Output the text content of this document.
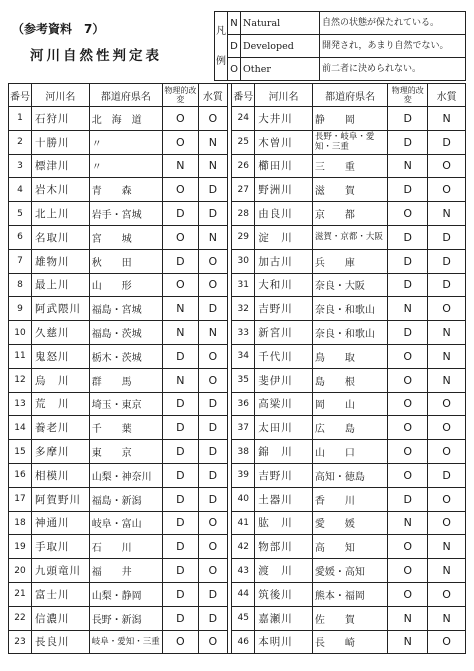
（参考資料　7）
河川自然性判定表
凡

例	N	Natural	自然の状態が保たれている。
	D	Developed	開発され，あまり自然でない。
	O	Other	前二者に決められない。
番号	河川名	都道府県名	物理的改変	水質		番号	河川名	都道府県名	物理的改変	水質
1	石狩川	北　海　道	O	O		24	大井川	静　　岡	D	N
2	十勝川	〃	O	N		25	木曽川	長野・岐阜・愛知・三重	D	D
3	標津川	〃	N	N		26	櫛田川	三　　重	N	O
4	岩木川	青　　森	O	D		27	野洲川	滋　　賀	D	O
5	北上川	岩手・宮城	D	D		28	由良川	京　　都	O	N
6	名取川	宮　　城	O	N		29	淀　川	滋賀・京都・大阪	D	D
7	雄物川	秋　　田	D	O		30	加古川	兵　　庫	D	D
8	最上川	山　　形	O	O		31	大和川	奈良・大阪	D	D
9	阿武隈川	福島・宮城	N	D		32	吉野川	奈良・和歌山	N	O
10	久慈川	福島・茨城	N	N		33	新宮川	奈良・和歌山	D	N
11	鬼怒川	栃木・茨城	D	O		34	千代川	鳥　　取	O	N
12	烏　川	群　　馬	N	O		35	斐伊川	島　　根	O	N
13	荒　川	埼玉・東京	D	D		36	高梁川	岡　　山	O	O
14	養老川	千　　葉	D	D		37	太田川	広　　島	O	O
15	多摩川	東　　京	D	D		38	錦　川	山　　口	O	O
16	相模川	山梨・神奈川	D	D		39	吉野川	高知・徳島	O	D
17	阿賀野川	福島・新潟	D	D		40	土器川	香　　川	D	O
18	神通川	岐阜・富山	D	O		41	肱　川	愛　　媛	N	O
19	手取川	石　　川	D	O		42	物部川	高　　知	O	N
20	九頭竜川	福　　井	D	O		43	渡　川	愛媛・高知	O	N
21	富士川	山梨・静岡	D	D		44	筑後川	熊本・福岡	O	O
22	信濃川	長野・新潟	D	D		45	嘉瀬川	佐　　賀	N	N
23	長良川	岐阜・愛知・三重	O	O		46	本明川	長　　崎	N	O
